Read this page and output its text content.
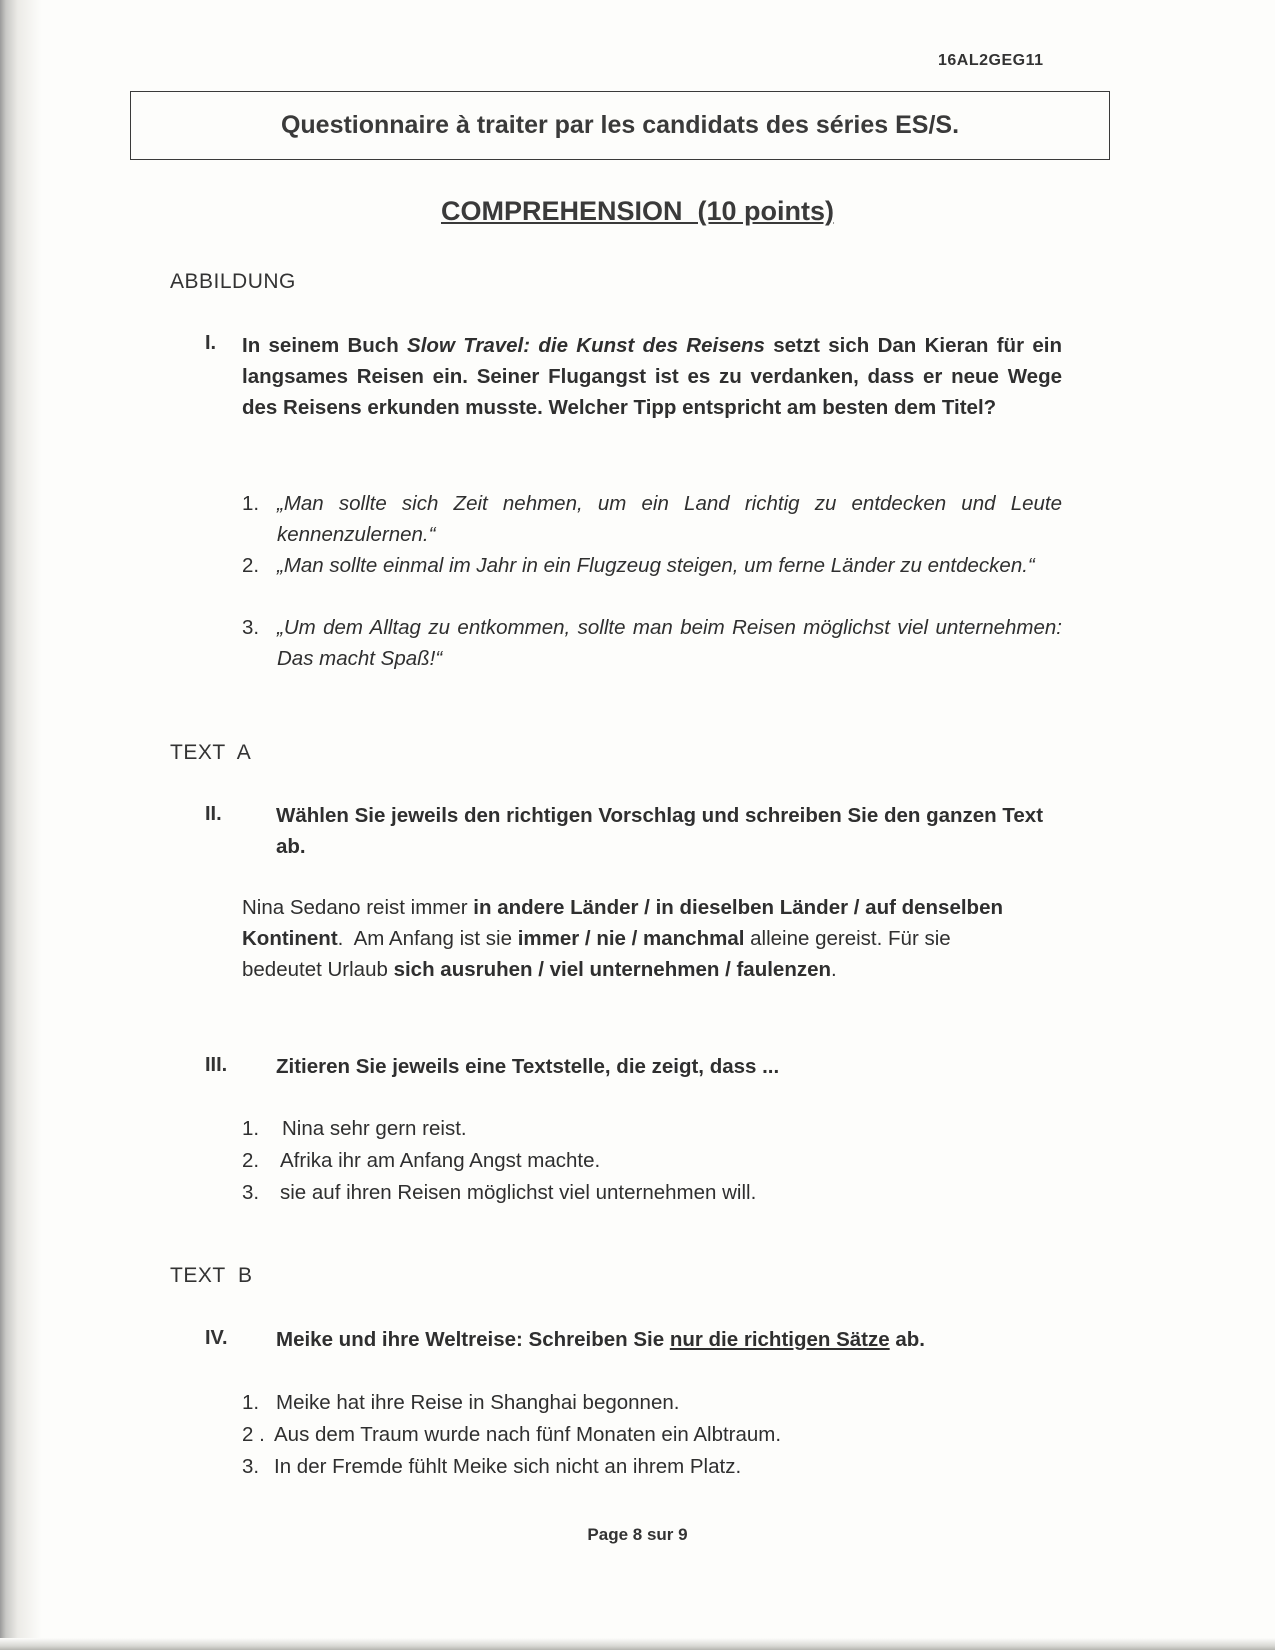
16AL2GEG11
Questionnaire à traiter par les candidats des séries ES/S.
COMPREHENSION  (10 points)
ABBILDUNG
I. In seinem Buch Slow Travel: die Kunst des Reisens setzt sich Dan Kieran für ein langsames Reisen ein. Seiner Flugangst ist es zu verdanken, dass er neue Wege des Reisens erkunden musste. Welcher Tipp entspricht am besten dem Titel?
1. „Man sollte sich Zeit nehmen, um ein Land richtig zu entdecken und Leute kennenzulernen.“
2. „Man sollte einmal im Jahr in ein Flugzeug steigen, um ferne Länder zu entdecken.“
3. „Um dem Alltag zu entkommen, sollte man beim Reisen möglichst viel unternehmen: Das macht Spaß!“
TEXT  A
II.	Wählen Sie jeweils den richtigen Vorschlag und schreiben Sie den ganzen Text ab.
Nina Sedano reist immer in andere Länder / in dieselben Länder / auf denselben Kontinent.  Am Anfang ist sie immer / nie / manchmal alleine gereist. Für sie bedeutet Urlaub sich ausruhen / viel unternehmen / faulenzen.
III. Zitieren Sie jeweils eine Textstelle, die zeigt, dass ...
1. Nina sehr gern reist.
2. Afrika ihr am Anfang Angst machte.
3. sie auf ihren Reisen möglichst viel unternehmen will.
TEXT  B
IV. Meike und ihre Weltreise: Schreiben Sie nur die richtigen Sätze ab.
1. Meike hat ihre Reise in Shanghai begonnen.
2 . Aus dem Traum wurde nach fünf Monaten ein Albtraum.
3. In der Fremde fühlt Meike sich nicht an ihrem Platz.
Page 8 sur 9
